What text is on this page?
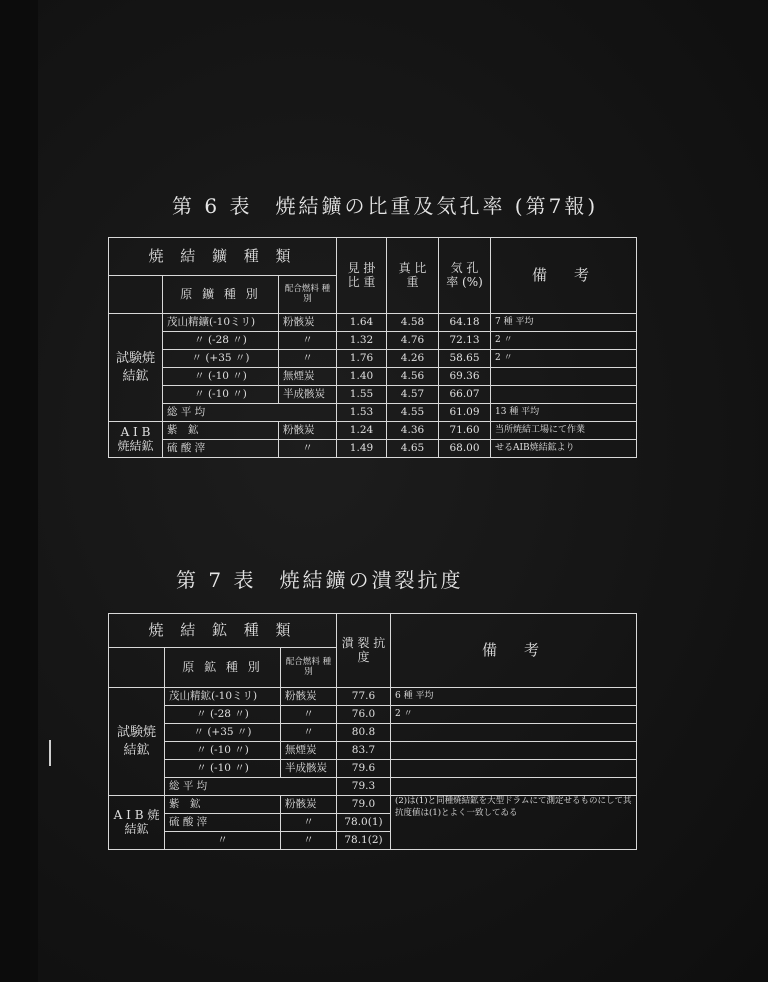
第 6 表　焼結鑛の比重及気孔率 (第7報)
焼 結 鑛 種 類			見 掛 比 重	真 比 重	気 孔 率 (%)	備　考
	原 鑛 種 別	配合燃料 種 別				
試験焼結鉱	茂山精鑛(-10ミリ)	粉骸炭	1.64	4.58	64.18	7 種 平均
	〃 (-28 〃)	〃	1.32	4.76	72.13	2 〃
	〃 (+35 〃)	〃	1.76	4.26	58.65	2 〃
	〃 (-10 〃)	無煙炭	1.40	4.56	69.36	
	〃 (-10 〃)	半成骸炭	1.55	4.57	66.07	
	総 平 均		1.53	4.55	61.09	13 種 平均
A I B 焼結鉱	紫　鉱	粉骸炭	1.24	4.36	71.60	当所焼結工場にて作業
	硫 酸 滓	〃	1.49	4.65	68.00	せるAIB焼結鉱より
第 7 表　焼結鑛の潰裂抗度
焼 結 鉱 種 類			潰 裂 抗 度	備　考
	原 鉱 種 別	配合燃料 種 別		
試験焼結鉱	茂山精鉱(-10ミリ)	粉骸炭	77.6	6 種 平均
	〃 (-28 〃)	〃	76.0	2 〃
	〃 (+35 〃)	〃	80.8	
	〃 (-10 〃)	無煙炭	83.7	
	〃 (-10 〃)	半成骸炭	79.6	
	総 平 均		79.3	
A I B 焼結鉱	紫　鉱	粉骸炭	79.0	(2)は(1)と同種焼結鉱を大型ドラムにて測定せるものにして其抗度値は(1)とよく一致してゐる
	硫 酸 滓	〃	78.0(1)	
	〃	〃	78.1(2)	
